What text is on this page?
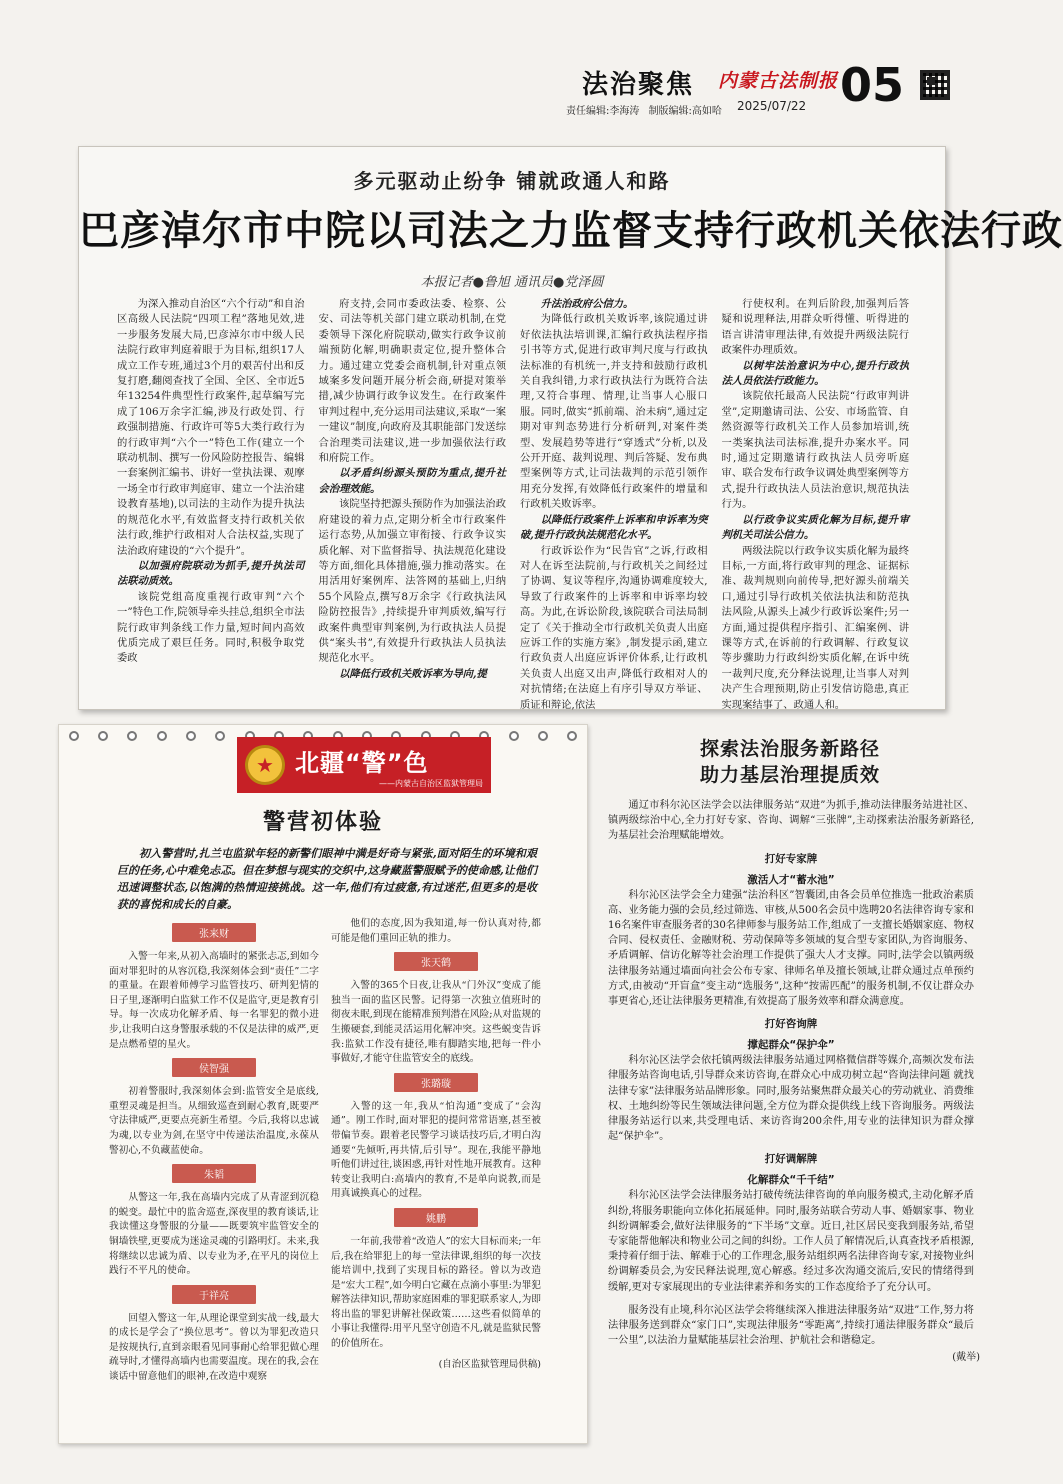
法治聚焦 内蒙古法制报
责任编辑:李海涛 制版编辑:高如哈	2025/07/22 05
多元驱动止纷争 铺就政通人和路
巴彦淖尔市中院以司法之力监督支持行政机关依法行政
本报记者●鲁旭 通讯员●党泽圆

为深入推动自治区“六个行动”和自治区高级人民法院“四项工程”落地见效,进一步服务发展大局,巴彦淖尔市中级人民法院行政审判庭着眼于为目标,组织17人成立工作专班,通过3个月的艰苦付出和反复打磨,翻阅查找了全国、全区、全市近5年13254件典型性行政案件,起草编写完成了106万余字汇编,涉及行政处罚、行政强制措施、行政许可等5大类行政行为的行政审判“六个一”特色工作(建立一个联动机制、撰写一份风险防控报告、编辑一套案例汇编书、讲好一堂执法课、观摩一场全市行政审判庭审、建立一个法治建设教育基地),以司法的主动作为提升执法的规范化水平,有效监督支持行政机关依法行政,维护行政相对人合法权益,实现了法治政府建设的“六个提升”。

以加强府院联动为抓手,提升执法司法联动质效。

该院党组高度重视行政审判“六个一”特色工作,院领导牵头挂总,组织全市法院行政审判条线工作力量,短时间内高效优质完成了艰巨任务。同时,积极争取党委政

府支持,会同市委政法委、检察、公安、司法等机关部门建立联动机制,在党委领导下深化府院联动,做实行政争议前端预防化解,明确职责定位,提升整体合力。通过建立党委会商机制,针对重点领域案多发问题开展分析会商,研提对策举措,减少协调行政争议发生。在行政案件审判过程中,充分运用司法建议,采取“一案一建议”制度,向政府及其职能部门发送综合治理类司法建议,进一步加强依法行政和府院工作。

以矛盾纠纷源头预防为重点,提升社会治理效能。

该院坚持把源头预防作为加强法治政府建设的着力点,定期分析全市行政案件运行态势,从加强立审衔接、行政争议实质化解、对下监督指导、执法规范化建设等方面,细化具体措施,强力推动落实。在用活用好案例库、法答网的基础上,归纳55个风险点,撰写8万余字《行政执法风险防控报告》,持续提升审判质效,编写行政案件典型审判案例,为行政执法人员提供“案头书”,有效提升行政执法人员执法规范化水平。

以降低行政机关败诉率为导向,提

升法治政府公信力。

为降低行政机关败诉率,该院通过讲好依法执法培训课,汇编行政执法程序指引书等方式,促进行政审判尺度与行政执法标准的有机统一,并支持和鼓励行政机关自我纠错,力求行政执法行为既符合法理,又符合事理、情理,让当事人心服口服。同时,做实“抓前端、治未病”,通过定期对审判态势进行分析研判,对案件类型、发展趋势等进行“穿透式”分析,以及公开开庭、裁判说理、判后答疑、发布典型案例等方式,让司法裁判的示范引领作用充分发挥,有效降低行政案件的增量和行政机关败诉率。

以降低行政案件上诉率和申诉率为突破,提升行政执法规范化水平。

行政诉讼作为“民告官”之诉,行政相对人在诉至法院前,与行政机关之间经过了协调、复议等程序,沟通协调难度较大,导致了行政案件的上诉率和申诉率均较高。为此,在诉讼阶段,该院联合司法局制定了《关于推动全市行政机关负责人出庭应诉工作的实施方案》,制发提示函,建立行政负责人出庭应诉评价体系,让行政机关负责人出庭又出声,降低行政相对人的对抗情绪;在法庭上有序引导双方举证、质证和辩论,依法

行使权利。在判后阶段,加强判后答疑和说理释法,用群众听得懂、听得进的语言讲清审理法律,有效提升两级法院行政案件办理质效。

以树牢法治意识为中心,提升行政执法人员依法行政能力。

该院依托最高人民法院“行政审判讲堂”,定期邀请司法、公安、市场监管、自然资源等行政机关工作人员参加培训,统一类案执法司法标准,提升办案水平。同时,通过定期邀请行政执法人员旁听庭审、联合发布行政争议调处典型案例等方式,提升行政执法人员法治意识,规范执法行为。

以行政争议实质化解为目标,提升审判机关司法公信力。

两级法院以行政争议实质化解为最终目标,一方面,将行政审判的理念、证据标准、裁判规则向前传导,把好源头前端关口,通过引导行政机关依法执法和防范执法风险,从源头上减少行政诉讼案件;另一方面,通过提供程序指引、汇编案例、讲课等方式,在诉前的行政调解、行政复议等步骤助力行政纠纷实质化解,在诉中统一裁判尺度,充分释法说理,让当事人对判决产生合理预期,防止引发信访隐患,真正实现案结事了、政通人和。

★
北疆“警”色
——内蒙古自治区监狱管理局
警营初体验
初入警营时,扎兰屯监狱年轻的新警们眼神中满是好奇与紧张,面对陌生的环境和艰巨的任务,心中难免忐忑。但在梦想与现实的交织中,这身藏蓝警服赋予的使命感,让他们迅速调整状态,以饱满的热情迎接挑战。这一年,他们有过疲惫,有过迷茫,但更多的是收获的喜悦和成长的自豪。
张来财

入警一年来,从初入高墙时的紧张忐忑,到如今面对罪犯时的从容沉稳,我深刻体会到“责任”二字的重量。在跟着师傅学习监管技巧、研判犯情的日子里,逐渐明白监狱工作不仅是监守,更是教育引导。每一次成功化解矛盾、每一名罪犯的微小进步,让我明白这身警服承载的不仅是法律的威严,更是点燃希望的星火。

侯智强

初着警服时,我深刻体会到:监管安全是底线,重塑灵魂是担当。从细致巡查到耐心教育,既要严守法律威严,更要点亮新生希望。今后,我将以忠诚为魂,以专业为剑,在坚守中传递法治温度,永葆从警初心,不负藏蓝使命。

朱韬

从警这一年,我在高墙内完成了从青涩到沉稳的蜕变。最忙中的监舍巡查,深夜里的教育谈话,让我读懂这身警服的分量——既要筑牢监管安全的铜墙铁壁,更要成为迷途灵魂的引路明灯。未来,我将继续以忠诚为盾、以专业为矛,在平凡的岗位上践行不平凡的使命。

于祥亮

回望入警这一年,从理论课堂到实战一线,最大的成长是学会了“换位思考”。曾以为罪犯改造只是按规执行,直到亲眼看见同事耐心给罪犯做心理疏导时,才懂得高墙内也需要温度。现在的我,会在谈话中留意他们的眼神,在改造中观察

他们的态度,因为我知道,每一份认真对待,都可能是他们重回正轨的推力。

张天鹤

入警的365个日夜,让我从“门外汉”变成了能独当一面的监区民警。记得第一次独立值班时的彻夜未眠,到现在能精准预判潜在风险;从对监规的生搬硬套,到能灵活运用化解冲突。这些蜕变告诉我:监狱工作没有捷径,唯有脚踏实地,把每一件小事做好,才能守住监管安全的底线。

张璐璇

入警的这一年,我从“怕沟通”变成了“会沟通”。刚工作时,面对罪犯的提问常常语塞,甚至被带偏节奏。跟着老民警学习谈话技巧后,才明白沟通要“先倾听,再共情,后引导”。现在,我能平静地听他们讲过往,谈困惑,再针对性地开展教育。这种转变让我明白:高墙内的教育,不是单向说教,而是用真诚换真心的过程。

姚鹏

一年前,我带着“改造人”的宏大目标而来;一年后,我在给罪犯上的每一堂法律课,组织的每一次技能培训中,找到了实现目标的路径。曾以为改造是“宏大工程”,如今明白它藏在点滴小事里:为罪犯解答法律知识,帮助家庭困难的罪犯联系家人,为即将出监的罪犯讲解社保政策……这些看似简单的小事让我懂得:用平凡坚守创造不凡,就是监狱民警的价值所在。

(自治区监狱管理局供稿)
探索法治服务新路径
助力基层治理提质效

通辽市科尔沁区法学会以法律服务站“双进”为抓手,推动法律服务站进社区、镇两级综治中心,全力打好专家、咨询、调解“三张牌”,主动探索法治服务新路径,为基层社会治理赋能增效。

打好专家牌
激活人才“蓄水池”

科尔沁区法学会全力建强“法治科区”智囊团,由各会员单位推选一批政治素质高、业务能力强的会员,经过筛选、审核,从500名会员中选聘20名法律咨询专家和16名案件审查服务者的30名律师参与服务站工作,组成了一支擅长婚姻家庭、物权合同、侵权责任、金融财税、劳动保障等多领域的复合型专家团队,为咨询服务、矛盾调解、信访化解等社会治理工作提供了强大人才支撑。同时,法学会以镇两级法律服务站通过墙面向社会公布专家、律师名单及擅长领域,让群众通过点单预约方式,由被动“开盲盒”变主动“选服务”,这种“按需匹配”的服务机制,不仅让群众办事更省心,还让法律服务更精准,有效提高了服务效率和群众满意度。

打好咨询牌
撑起群众“保护伞”

科尔沁区法学会依托镇两级法律服务站通过网格微信群等媒介,高频次发布法律服务站咨询电话,引导群众来访咨询,在群众心中成功树立起“咨询法律问题 就找法律专家”法律服务站品牌形象。同时,服务站聚焦群众最关心的劳动就业、消费维权、土地纠纷等民生领域法律问题,全方位为群众提供线上线下咨询服务。两级法律服务站运行以来,共受理电话、来访咨询200余件,用专业的法律知识为群众撑起“保护伞”。

打好调解牌
化解群众“千千结”

科尔沁区法学会法律服务站打破传统法律咨询的单向服务模式,主动化解矛盾纠纷,将服务职能向立体化拓展延伸。同时,服务站联合劳动人事、婚姻家事、物业纠纷调解委会,做好法律服务的“下半场”文章。近日,社区居民变我到服务站,希望专家能帮他解决和物业公司之间的纠纷。工作人员了解情况后,认真查找矛盾根源,秉持着仔细于法、解难于心的工作理念,服务站组织两名法律咨询专家,对接物业纠纷调解委员会,为安民释法说理,宽心解惑。经过多次沟通交流后,安民的情绪得到缓解,更对专家展现出的专业法律素养和务实的工作态度给予了充分认可。

服务没有止境,科尔沁区法学会将继续深入推进法律服务站“双进”工作,努力将法律服务送到群众“家门口”,实现法律服务“零距离”,持续打通法律服务群众“最后一公里”,以法治力量赋能基层社会治理、护航社会和谐稳定。

(戴举)
